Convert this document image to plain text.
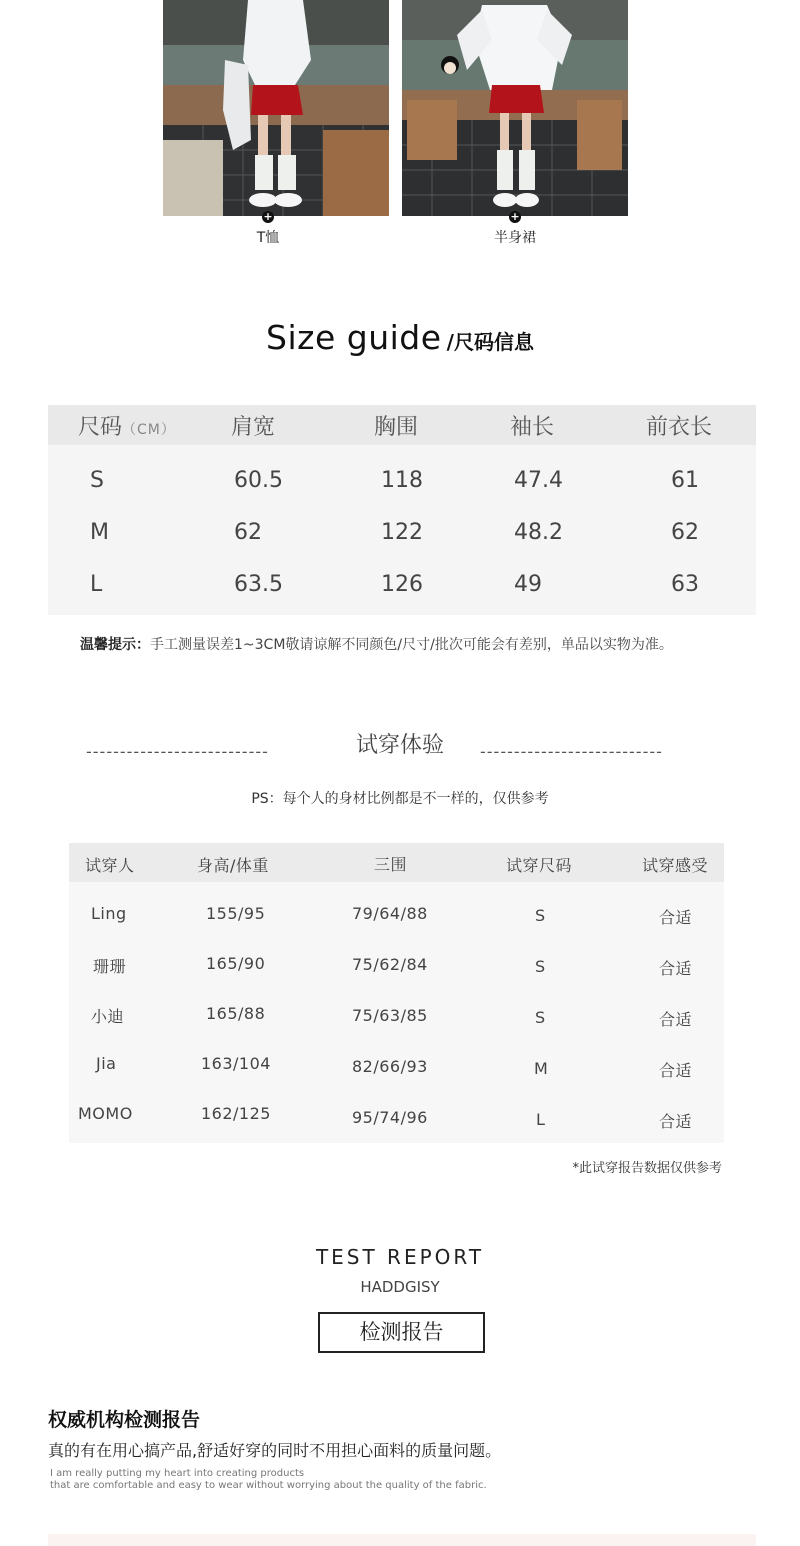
+
T恤
+
半身裙
Size guide /尺码信息
尺码（CM）	肩宽	胸围	袖长	前衣长
S	60.5	118	47.4	61
M	62	122	48.2	62
L	63.5	126	49	63
温馨提示：手工测量误差1~3CM敬请谅解不同颜色/尺寸/批次可能会有差别，单品以实物为准。
---------------------------	试穿体验	---------------------------
PS：每个人的身材比例都是不一样的，仅供参考
试穿人	身高/体重	三围	试穿尺码	试穿感受
Ling	155/95	79/64/88	S	合适
珊珊	165/90	75/62/84	S	合适
小迪	165/88	75/63/85	S	合适
Jia	163/104	82/66/93	M	合适
MOMO	162/125	95/74/96	L	合适
*此试穿报告数据仅供参考
TEST REPORT
HADDGISY
检测报告
权威机构检测报告
真的有在用心搞产品,舒适好穿的同时不用担心面料的质量问题。
I am really putting my heart into creating products
that are comfortable and easy to wear without worrying about the quality of the fabric.
